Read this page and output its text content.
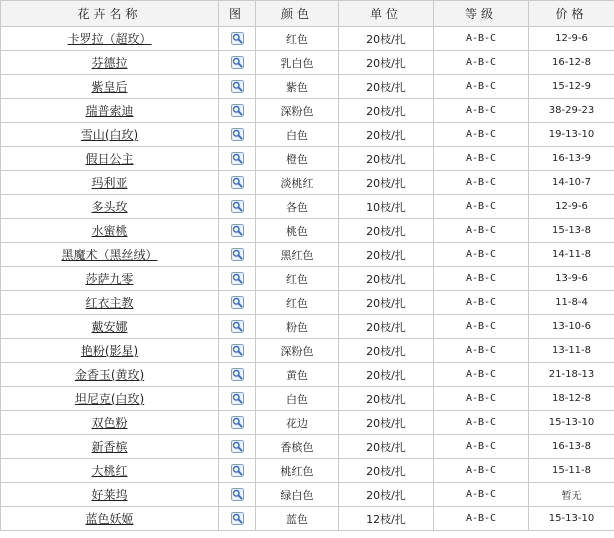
花卉名称	图	颜色	单位	等级	价格
卡罗拉（超玫）		红色	20枝/扎	A-B-C	12-9-6
芬德拉		乳白色	20枝/扎	A-B-C	16-12-8
紫皇后		紫色	20枝/扎	A-B-C	15-12-9
瑞普索迪		深粉色	20枝/扎	A-B-C	38-29-23
雪山(白玫)		白色	20枝/扎	A-B-C	19-13-10
假日公主		橙色	20枝/扎	A-B-C	16-13-9
玛利亚		淡桃红	20枝/扎	A-B-C	14-10-7
多头玫		各色	10枝/扎	A-B-C	12-9-6
水蜜桃		桃色	20枝/扎	A-B-C	15-13-8
黑魔术（黑丝绒）		黑红色	20枝/扎	A-B-C	14-11-8
莎萨九零		红色	20枝/扎	A-B-C	13-9-6
红衣主教		红色	20枝/扎	A-B-C	11-8-4
戴安娜		粉色	20枝/扎	A-B-C	13-10-6
艳粉(影星)		深粉色	20枝/扎	A-B-C	13-11-8
金香玉(黄玫)		黄色	20枝/扎	A-B-C	21-18-13
坦尼克(白玫)		白色	20枝/扎	A-B-C	18-12-8
双色粉		花边	20枝/扎	A-B-C	15-13-10
新香槟		香槟色	20枝/扎	A-B-C	16-13-8
大桃红		桃红色	20枝/扎	A-B-C	15-11-8
好莱坞		绿白色	20枝/扎	A-B-C	暂无
蓝色妖姬		蓝色	12枝/扎	A-B-C	15-13-10
